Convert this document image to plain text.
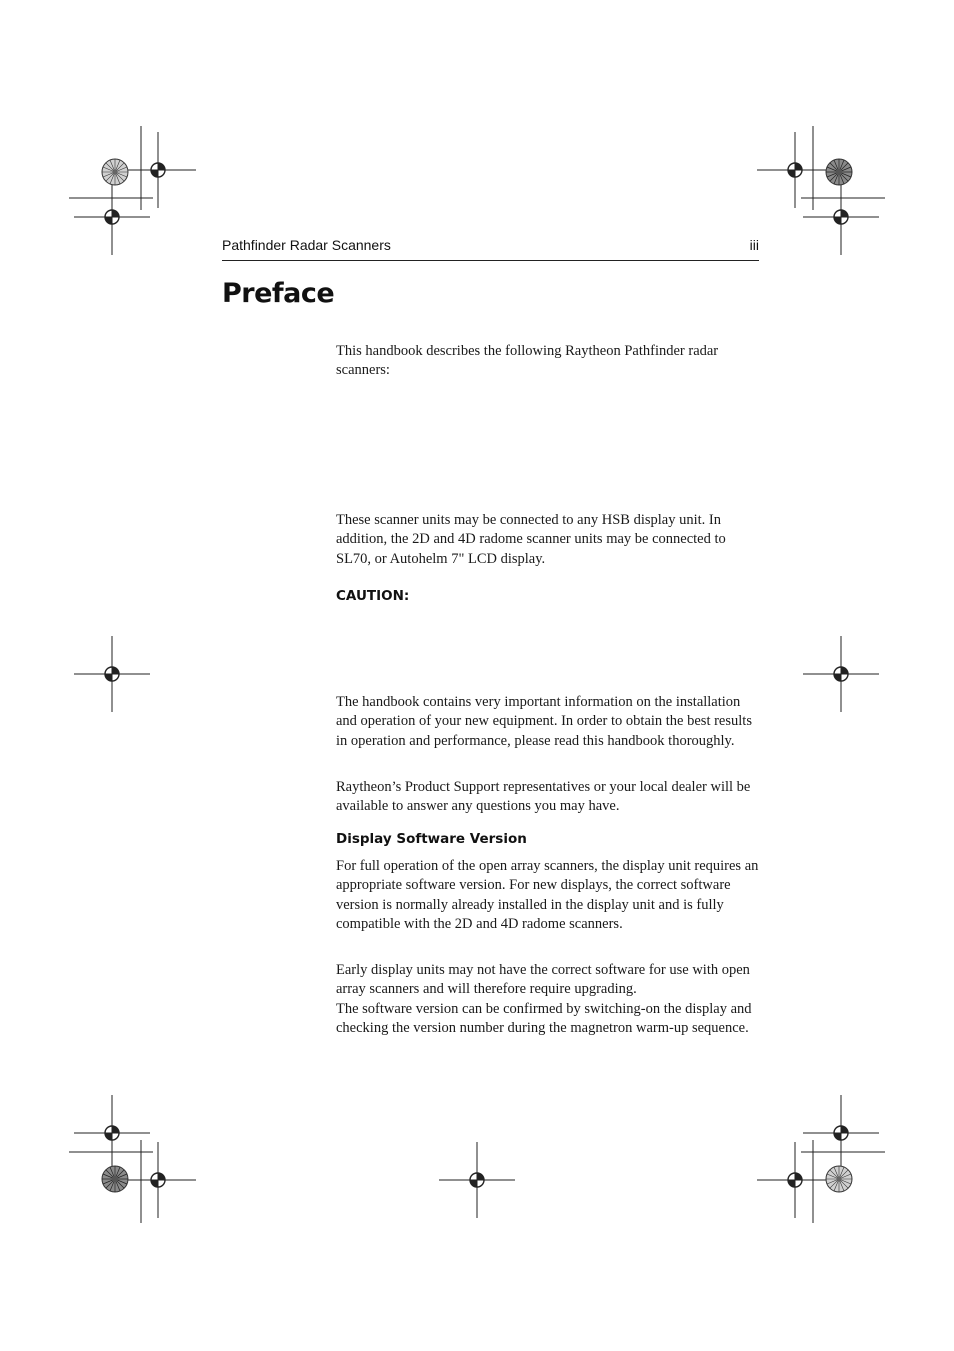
Pathfinder Radar Scanners	iii
Preface

This handbook describes the following Raytheon Pathfinder radar scanners:

These scanner units may be connected to any HSB display unit. In addition, the 2D and 4D radome scanner units may be connected to SL70, or Autohelm 7" LCD display.

CAUTION:

The handbook contains very important information on the installation and operation of your new equipment. In order to obtain the best results in operation and performance, please read this handbook thoroughly.

Raytheon’s Product Support representatives or your local dealer will be available to answer any questions you may have.

Display Software Version

For full operation of the open array scanners, the display unit requires an appropriate software version. For new displays, the correct software version is normally already installed in the display unit and is fully compatible with the 2D and 4D radome scanners.

Early display units may not have the correct software for use with open array scanners and will therefore require upgrading.

The software version can be confirmed by switching-on the display and checking the version number during the magnetron warm-up sequence.
